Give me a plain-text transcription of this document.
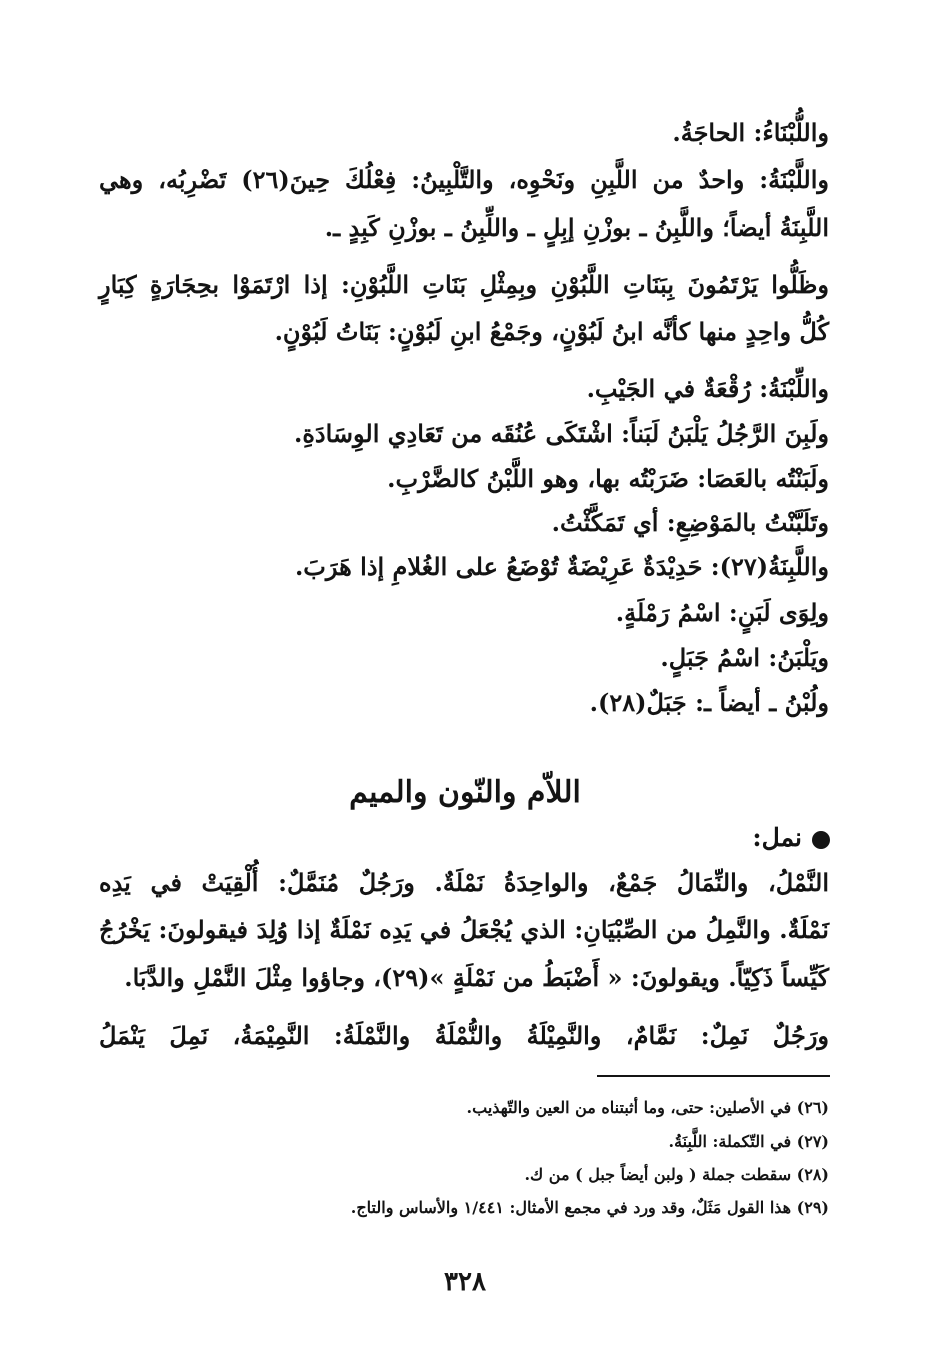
واللُّبْنَاءُ: الحاجَةُ.
واللَّبْنَةُ: واحدٌ من اللَّبِنِ ونَحْوِه، والتَّلْبِينُ: فِعْلُكَ حِينَ(٢٦) تَضْرِبُه، وهي
اللَّبِنَةُ أيضاً؛ واللَّبِنُ ـ بوزْنِ إبِلٍ ـ واللِّبِنُ ـ بوزْنِ كَبِدٍ ـ.
وظَلُّوا يَرْتَمُونَ بِبَنَاتِ اللَّبُوْنِ وبِمِثْلِ بَنَاتِ اللَّبُوْنِ: إذا ارْتَمَوْا بحِجَارَةٍ كِبَارٍ
كُلُّ واحِدٍ منها كأنَّه ابنُ لَبُوْنٍ، وجَمْعُ ابنِ لَبُوْنٍ: بَنَاتُ لَبُوْنٍ.
واللِّبْنَةُ: رُقْعَةٌ في الجَيْبِ.
ولَبِنَ الرَّجُلُ يَلْبَنُ لَبَناً: اشْتَكَى عُنُقَه من تَعَادِي الوِسَادَةِ.
ولَبَنْتُه بالعَصَا: ضَرَبْتُه بها، وهو اللَّبْنُ كالضَّرْبِ.
وتَلَبَّنْتُ بالمَوْضِعِ: أي تَمَكَّثْتُ.
واللَّبِنَةُ(٢٧): حَدِيْدَةٌ عَرِيْضَةٌ تُوْضَعُ على الغُلامِ إذا هَرَبَ.
ولِوَى لَبَنٍ: اسْمُ رَمْلَةٍ.
ويَلْبَنُ: اسْمُ جَبَلٍ.
ولُبْنُ ـ أيضاً ـ: جَبَلٌ(٢٨).
اللاّم والنّون والميم
نمل:
النَّمْلُ، والنِّمَالُ جَمْعٌ، والواحِدَةُ نَمْلَةٌ. ورَجُلٌ مُنَمَّلٌ: أُلْقِيَتْ في يَدِه
نَمْلَةٌ. والنَّمِلُ من الصِّبْيَانِ: الذي يُجْعَلُ في يَدِه نَمْلَةٌ إذا وُلِدَ فيقولونَ: يَخْرُجُ
كَيِّساً ذَكِيّاً. ويقولونَ: « أَضْبَطُ من نَمْلَةٍ »(٢٩)، وجاؤوا مِثْلَ النَّمْلِ والدَّبَا.
ورَجُلٌ نَمِلٌ: نَمَّامٌ، والنَّمِيْلَةُ والنُّمْلَةُ والنَّمْلَةُ: النَّمِيْمَةُ، نَمِلَ يَنْمَلُ
(٢٦) في الأصلين: حتى، وما أثبتناه من العين والتّهذيب.
(٢٧) في التّكملة: اللَّبِنَةُ.
(٢٨) سقطت جملة ( ولبن أيضاً جبل ) من ك.
(٢٩) هذا القول مَثَلٌ، وقد ورد في مجمع الأمثال: ١/٤٤١ والأساس والتاج.
٣٢٨
